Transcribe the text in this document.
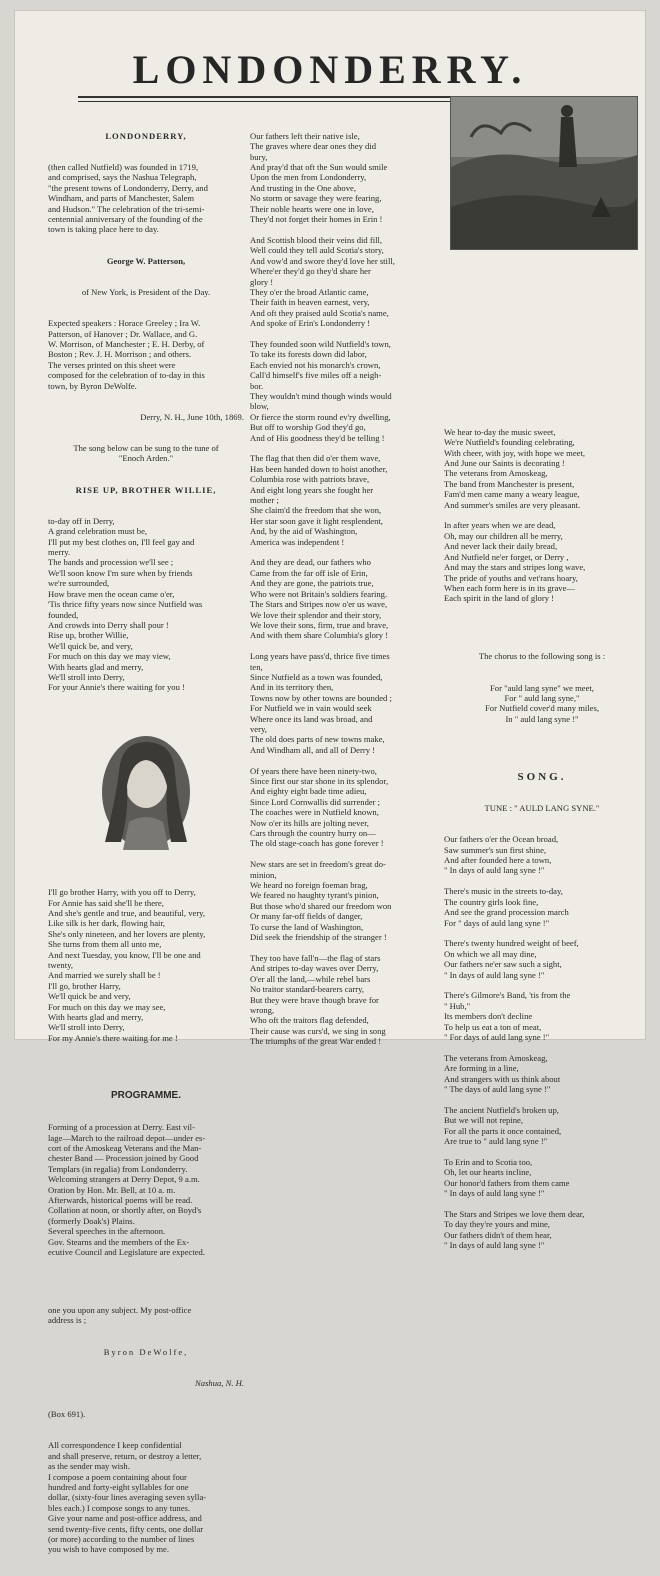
LONDONDERRY.

LONDONDERRY,

(then called Nutfield) was founded in 1719,
and comprised, says the Nashua Telegraph,
"the present towns of Londonderry, Derry, and
Windham, and parts of Manchester, Salem
and Hudson." The celebration of the tri-semi-
centennial anniversary of the founding of the
town is taking place here to day.

George W. Patterson,

of New York, is President of the Day.

Expected speakers : Horace Greeley ; Ira W.
Patterson, of Hanover ; Dr. Wallace, and G.
W. Morrison, of Manchester ; E. H. Derby, of
Boston ; Rev. J. H. Morrison ; and others.
The verses printed on this sheet were
composed for the celebration of to-day in this
town, by Byron DeWolfe.

Derry, N. H., June 10th, 1869.

The song below can be sung to the tune of
"Enoch Arden."

RISE UP, BROTHER WILLIE,

to-day off in Derry,
A grand celebration must be,
I'll put my best clothes on, I'll feel gay and
merry.
The bands and procession we'll see ;
We'll soon know I'm sure when by friends
we're surrounded,
How brave men the ocean came o'er,
'Tis thrice fifty years now since Nutfield was
founded,
And crowds into Derry shall pour !
Rise up, brother Willie,
We'll quick be, and very,
For much on this day we may view,
With hearts glad and merry,
We'll stroll into Derry,
For your Annie's there waiting for you !

I'll go brother Harry, with you off to Derry,
For Annie has said she'll be there,
And she's gentle and true, and beautiful, very,
Like silk is her dark, flowing hair,
She's only nineteen, and her lovers are plenty,
She turns from them all unto me,
And next Tuesday, you know, I'll be one and
twenty,
And married we surely shall be !
I'll go, brother Harry,
We'll quick be and very,
For much on this day we may see,
With hearts glad and merry,
We'll stroll into Derry,
For my Annie's there waiting for me !

PROGRAMME.

Forming of a procession at Derry. East vil-
lage—March to the railroad depot—under es-
cort of the Amoskeag Veterans and the Man-
chester Band — Procession joined by Good
Templars (in regalia) from Londonderry.
Welcoming strangers at Derry Depot, 9 a.m.
Oration by Hon. Mr. Bell, at 10 a. m.
Afterwards, historical poems will be read.
Collation at noon, or shortly after, on Boyd's
(formerly Doak's) Plains.
Several speeches in the afternoon.
Gov. Stearns and the members of the Ex-
ecutive Council and Legislature are expected.

one you upon any subject. My post-office
address is ;

Byron DeWolfe,

Nashua, N. H.

(Box 691).

All correspondence I keep confidential
and shall preserve, return, or destroy a letter,
as the sender may wish.
I compose a poem containing about four
hundred and forty-eight syllables for one
dollar, (sixty-four lines averaging seven sylla-
bles each.) I compose songs to any tunes.
Give your name and post-office address, and
send twenty-five cents, fifty cents, one dollar
(or more) according to the number of lines
you wish to have composed by me.

Our fathers left their native isle,
The graves where dear ones they did
bury,
And pray'd that oft the Sun would smile
Upon the men from Londonderry,
And trusting in the One above,
No storm or savage they were fearing,
Their noble hearts were one in love,
They'd not forget their homes in Erin !

And Scottish blood their veins did fill,
Well could they tell auld Scotia's story,
And vow'd and swore they'd love her still,
Where'er they'd go they'd share her
glory !
They o'er the broad Atlantic came,
Their faith in heaven earnest, very,
And oft they praised auld Scotia's name,
And spoke of Erin's Londonderry !

They founded soon wild Nutfield's town,
To take its forests down did labor,
Each envied not his monarch's crown,
Call'd himself's five miles off a neigh-
bor.
They wouldn't mind though winds would
blow,
Or fierce the storm round ev'ry dwelling,
But off to worship God they'd go,
And of His goodness they'd be telling !

The flag that then did o'er them wave,
Has been handed down to hoist another,
Columbia rose with patriots brave,
And eight long years she fought her
mother ;
She claim'd the freedom that she won,
Her star soon gave it light resplendent,
And, by the aid of Washington,
America was independent !

And they are dead, our fathers who
Came from the far off isle of Erin,
And they are gone, the patriots true,
Who were not Britain's soldiers fearing.
The Stars and Stripes now o'er us wave,
We love their splendor and their story,
We love their sons, firm, true and brave,
And with them share Columbia's glory !

Long years have pass'd, thrice five times
ten,
Since Nutfield as a town was founded,
And in its territory then,
Towns now by other towns are bounded ;
For Nutfield we in vain would seek
Where once its land was broad, and
very,
The old does parts of new towns make,
And Windham all, and all of Derry !

Of years there have been ninety-two,
Since first our star shone in its splendor,
And eighty eight bade time adieu,
Since Lord Cornwallis did surrender ;
The coaches were in Nutfield known,
Now o'er its hills are jolting never,
Cars through the country hurry on—
The old stage-coach has gone forever !

New stars are set in freedom's great do-
minion,
We heard no foreign foeman brag,
We feared no haughty tyrant's pinion,
But those who'd shared our freedom won
Or many far-off fields of danger,
To curse the land of Washington,
Did seek the friendship of the stranger !

They too have fall'n—the flag of stars
And stripes to-day waves over Derry,
O'er all the land,—while rebel bars
No traitor standard-bearers carry,
But they were brave though brave for
wrong,
Who oft the traitors flag defended,
Their cause was curs'd, we sing in song
The triumphs of the great War ended !

We hear to-day the music sweet,
We're Nutfield's founding celebrating,
With cheer, with joy, with hope we meet,
And June our Saints is decorating !
The veterans from Amoskeag,
The band from Manchester is present,
Fam'd men came many a weary league,
And summer's smiles are very pleasant.

In after years when we are dead,
Oh, may our children all be merry,
And never lack their daily bread,
And Nutfield ne'er forget, or Derry ,
And may the stars and stripes long wave,
The pride of youths and vet'rans hoary,
When each form here is in its grave—
Each spirit in the land of glory !

The chorus to the following song is :

For "auld lang syne" we meet,
For " auld lang syne,"
For Nutfield cover'd many miles,
In " auld lang syne !"

SONG.

TUNE : " AULD LANG SYNE."

Our fathers o'er the Ocean broad,
Saw summer's sun first shine,
And after founded here a town,
" In days of auld lang syne !"

There's music in the streets to-day,
The country girls look fine,
And see the grand procession march
For " days of auld lang syne !"

There's twenty hundred weight of beef,
On which we all may dine,
Our fathers ne'er saw such a sight,
" In days of auld lang syne !"

There's Gilmore's Band, 'tis from the
" Hub,"
Its members don't decline
To help us eat a ton of meat,
" For days of auld lang syne !"

The veterans from Amoskeag,
Are forming in a line,
And strangers with us think about
" The days of auld lang syne !"

The ancient Nutfield's broken up,
But we will not repine,
For all the parts it once contained,
Are true to " auld lang syne !"

To Erin and to Scotia too,
Oh, let our hearts incline,
Our honor'd fathers from them came
" In days of auld lang syne !"

The Stars and Stripes we love them dear,
To day they're yours and mine,
Our fathers didn't of them hear,
" In days of auld lang syne !"
